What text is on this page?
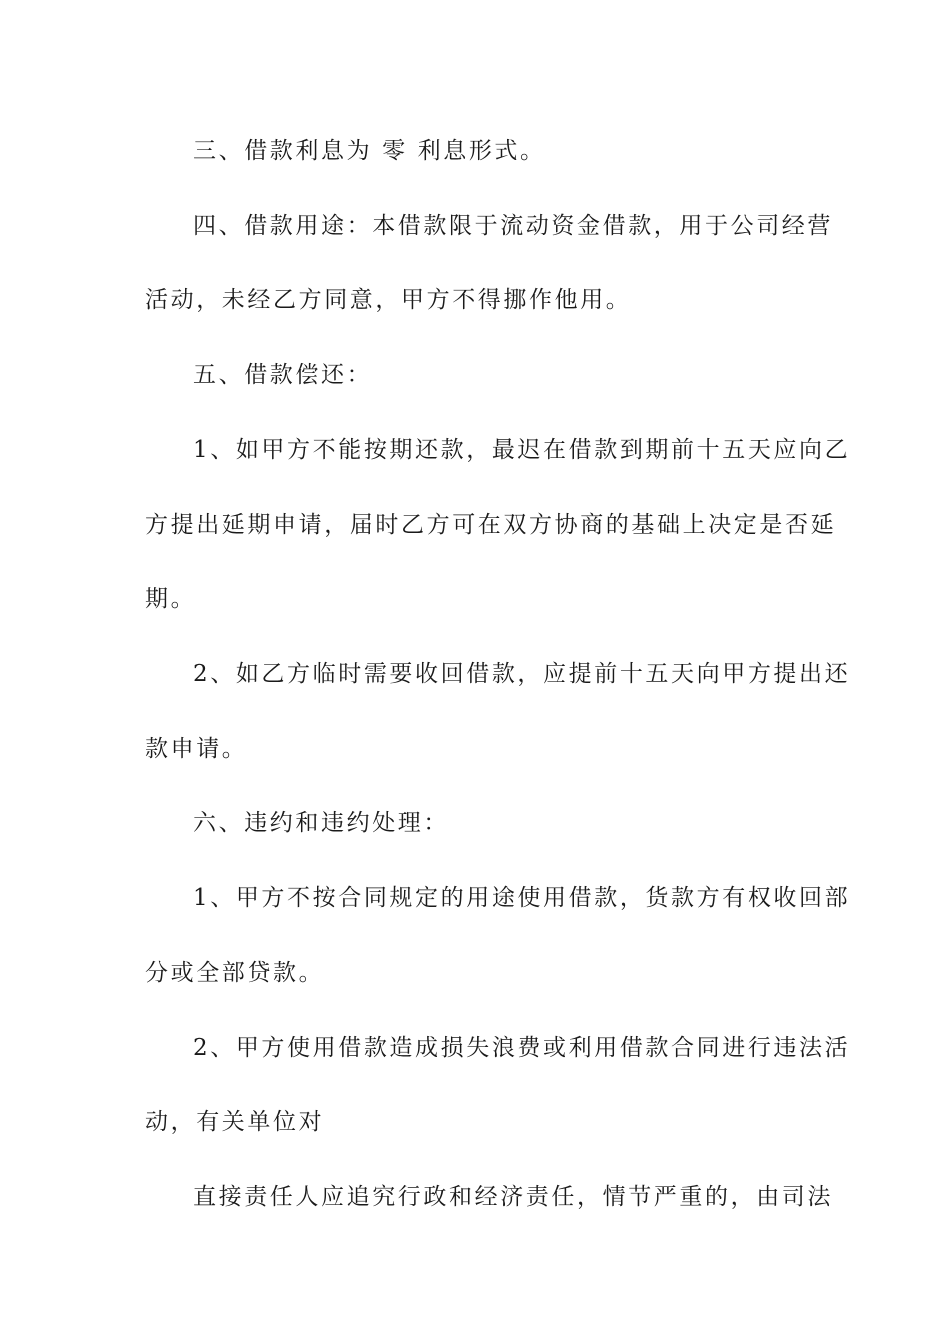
三、借款利息为 零 利息形式。
四、借款用途：本借款限于流动资金借款，用于公司经营
活动，未经乙方同意，甲方不得挪作他用。
五、借款偿还：
1、如甲方不能按期还款，最迟在借款到期前十五天应向乙
方提出延期申请，届时乙方可在双方协商的基础上决定是否延
期。
2、如乙方临时需要收回借款，应提前十五天向甲方提出还
款申请。
六、违约和违约处理：
1、甲方不按合同规定的用途使用借款，货款方有权收回部
分或全部贷款。
2、甲方使用借款造成损失浪费或利用借款合同进行违法活
动，有关单位对
直接责任人应追究行政和经济责任，情节严重的，由司法
